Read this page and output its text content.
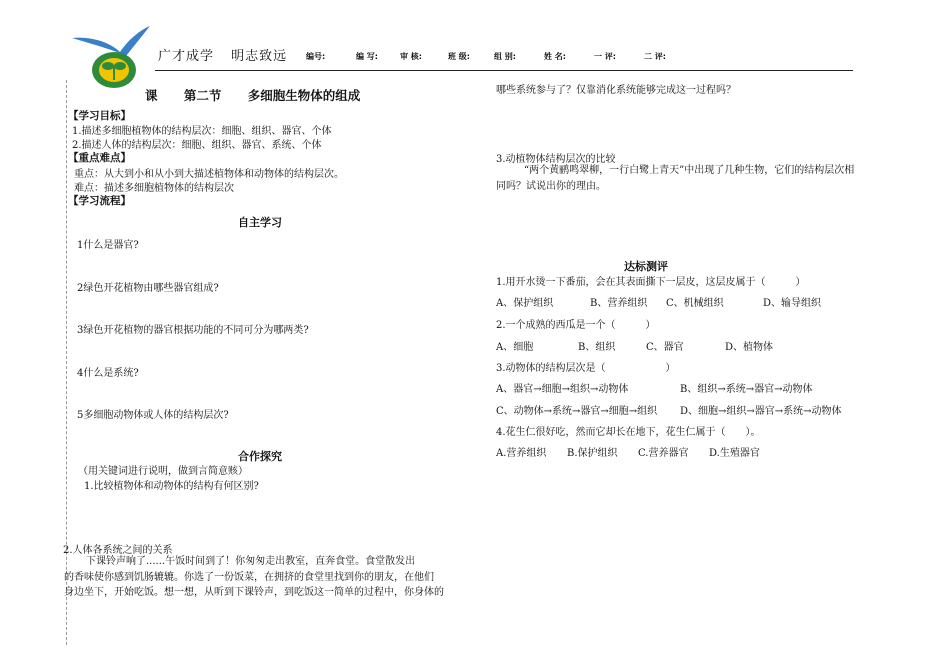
广才成学 明志致远	编号:	编 写:	审 核:	班 级:	组 别:	姓 名:	一 评:	二 评:
课 第二节 多细胞生物体的组成
【学习目标】
1.描述多细胞植物体的结构层次：细胞、组织、器官、个体
2.描述人体的结构层次：细胞、组织、器官、系统、个体
【重点难点】
重点：从大到小和从小到大描述植物体和动物体的结构层次。
难点：描述多细胞植物体的结构层次
【学习流程】
自主学习
1什么是器官?
2绿色开花植物由哪些器官组成?
3绿色开花植物的器官根据功能的不同可分为哪两类?
4什么是系统?
5多细胞动物体或人体的结构层次?
合作探究
（用关键词进行说明，做到言简意赅）
1.比较植物体和动物体的结构有何区别?
2.人体各系统之间的关系
下课铃声响了......午饭时间到了！你匆匆走出教室，直奔食堂。食堂散发出
的香味使你感到饥肠辘辘。你选了一份饭菜，在拥挤的食堂里找到你的朋友，在他们
身边坐下，开始吃饭。想一想，从听到下课铃声，到吃饭这一简单的过程中，你身体的
哪些系统参与了？仅靠消化系统能够完成这一过程吗？
3.动植物体结构层次的比较
“两个黄鹂鸣翠柳，一行白鹭上青天”中出现了几种生物，它们的结构层次相
同吗？试说出你的理由。
达标测评
1.用开水烫一下番茄，会在其表面撕下一层皮，这层皮属于（　　　）
A、保护组织	B、营养组织 C、机械组织	D、输导组织
2.一个成熟的西瓜是一个（　　　）
A、细胞	B、组织	C、器官	D、植物体
3.动物体的结构层次是（　　　　　　）
A、器官→细胞→组织→动物体	B、组织→系统→器官→动物体
C、动物体→系统→器官→细胞→组织 D、细胞→组织→器官→系统→动物体
4.花生仁很好吃，然而它却长在地下，花生仁属于（　　）。
A.营养组织 B.保护组织 C.营养器官 D.生殖器官
